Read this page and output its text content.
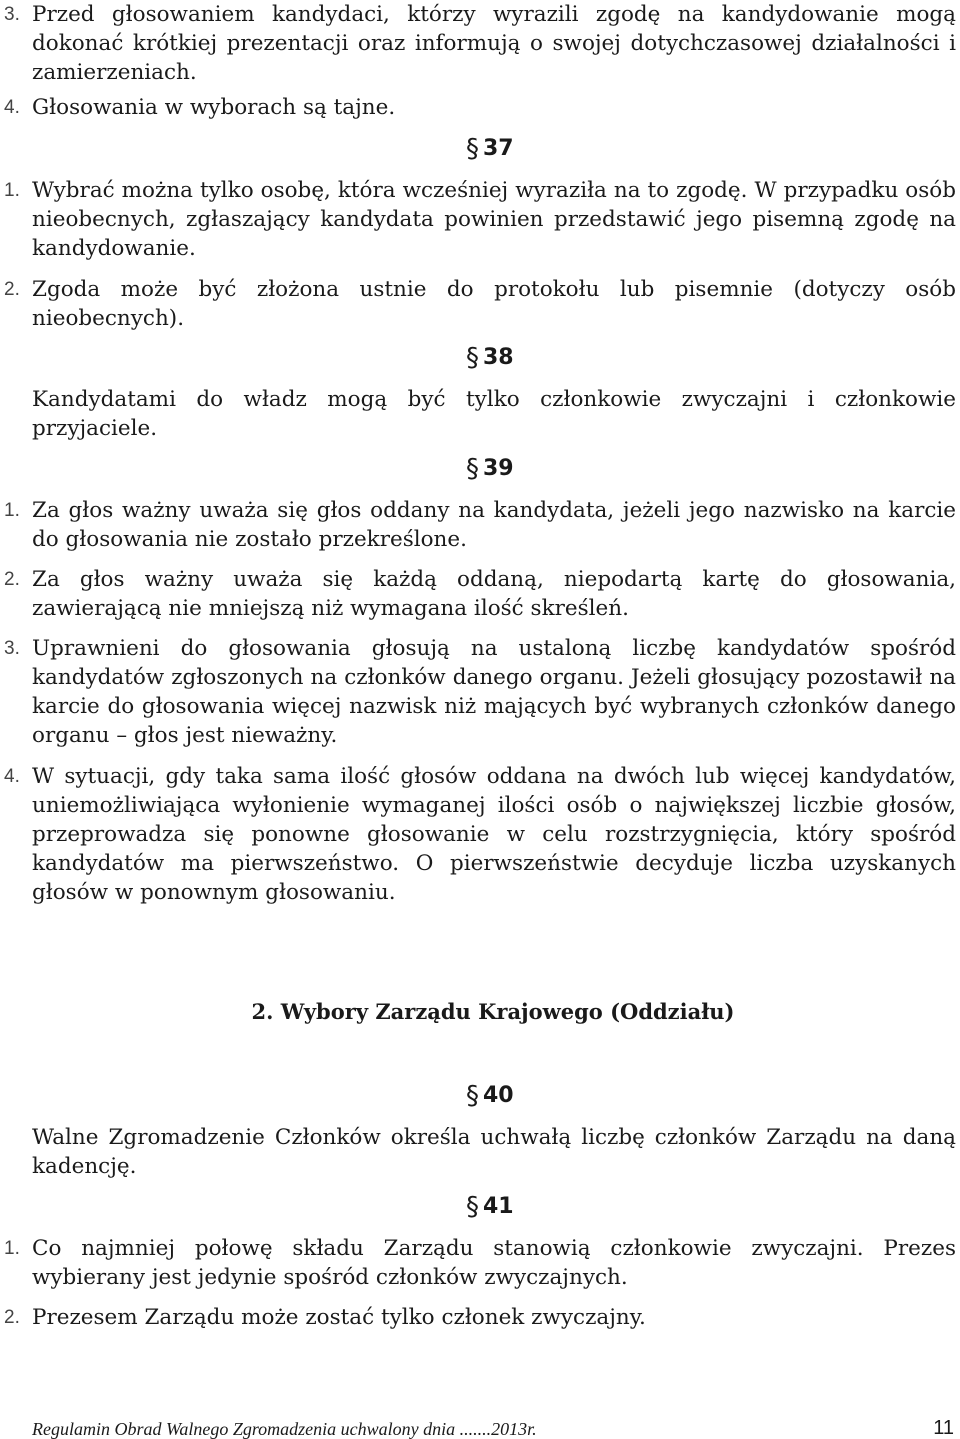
3. Przed głosowaniem kandydaci, którzy wyrazili zgodę na kandydowanie mogą dokonać krótkiej prezentacji oraz informują o swojej dotychczasowej działalności i zamierzeniach.
4. Głosowania w wyborach są tajne.
§ 37
1. Wybrać można tylko osobę, która wcześniej wyraziła na to zgodę. W przypadku osób nieobecnych, zgłaszający kandydata powinien przedstawić jego pisemną zgodę na kandydowanie.
2. Zgoda może być złożona ustnie do protokołu lub pisemnie (dotyczy osób nieobecnych).
§ 38
Kandydatami do władz mogą być tylko członkowie zwyczajni i członkowie przyjaciele.
§ 39
1. Za głos ważny uważa się głos oddany na kandydata, jeżeli jego nazwisko na karcie do głosowania nie zostało przekreślone.
2. Za głos ważny uważa się każdą oddaną, niepodartą kartę do głosowania, zawierającą nie mniejszą niż wymagana ilość skreśleń.
3. Uprawnieni do głosowania głosują na ustaloną liczbę kandydatów spośród kandydatów zgłoszonych na członków danego organu. Jeżeli głosujący pozostawił na karcie do głosowania więcej nazwisk niż mających być wybranych członków danego organu – głos jest nieważny.
4. W sytuacji, gdy taka sama ilość głosów oddana na dwóch lub więcej kandydatów, uniemożliwiająca wyłonienie wymaganej ilości osób o największej liczbie głosów, przeprowadza się ponowne głosowanie w celu rozstrzygnięcia, który spośród kandydatów ma pierwszeństwo. O pierwszeństwie decyduje liczba uzyskanych głosów w ponownym głosowaniu.
2. Wybory Zarządu Krajowego (Oddziału)
§ 40
Walne Zgromadzenie Członków określa uchwałą liczbę członków Zarządu na daną kadencję.
§ 41
1. Co najmniej połowę składu Zarządu stanowią członkowie zwyczajni. Prezes wybierany jest jedynie spośród członków zwyczajnych.
2. Prezesem Zarządu może zostać tylko członek zwyczajny.
Regulamin Obrad Walnego Zgromadzenia uchwalony dnia .......2013r.	11
